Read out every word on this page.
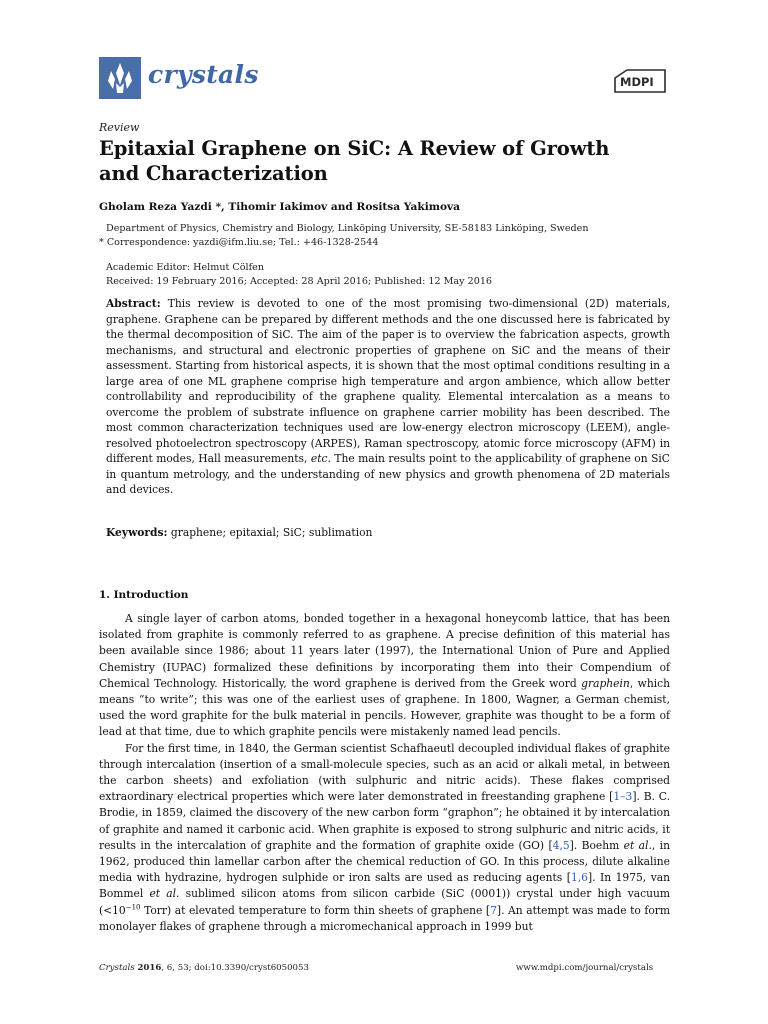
crystals	MDPI
Review
Epitaxial Graphene on SiC: A Review of Growth
and Characterization
Gholam Reza Yazdi *, Tihomir Iakimov and Rositsa Yakimova
Department of Physics, Chemistry and Biology, Linköping University, SE-58183 Linköping, Sweden
* Correspondence: yazdi@ifm.liu.se; Tel.: +46-1328-2544
Academic Editor: Helmut Cölfen
Received: 19 February 2016; Accepted: 28 April 2016; Published: 12 May 2016
Abstract: This review is devoted to one of the most promising two-dimensional (2D) materials, graphene. Graphene can be prepared by different methods and the one discussed here is fabricated by the thermal decomposition of SiC. The aim of the paper is to overview the fabrication aspects, growth mechanisms, and structural and electronic properties of graphene on SiC and the means of their assessment. Starting from historical aspects, it is shown that the most optimal conditions resulting in a large area of one ML graphene comprise high temperature and argon ambience, which allow better controllability and reproducibility of the graphene quality. Elemental intercalation as a means to overcome the problem of substrate influence on graphene carrier mobility has been described. The most common characterization techniques used are low-energy electron microscopy (LEEM), angle-resolved photoelectron spectroscopy (ARPES), Raman spectroscopy, atomic force microscopy (AFM) in different modes, Hall measurements, etc. The main results point to the applicability of graphene on SiC in quantum metrology, and the understanding of new physics and growth phenomena of 2D materials and devices.
Keywords: graphene; epitaxial; SiC; sublimation
1. Introduction

A single layer of carbon atoms, bonded together in a hexagonal honeycomb lattice, that has been isolated from graphite is commonly referred to as graphene. A precise definition of this material has been available since 1986; about 11 years later (1997), the International Union of Pure and Applied Chemistry (IUPAC) formalized these definitions by incorporating them into their Compendium of Chemical Technology. Historically, the word graphene is derived from the Greek word graphein, which means “to write”; this was one of the earliest uses of graphene. In 1800, Wagner, a German chemist, used the word graphite for the bulk material in pencils. However, graphite was thought to be a form of lead at that time, due to which graphite pencils were mistakenly named lead pencils.

For the first time, in 1840, the German scientist Schafhaeutl decoupled individual flakes of graphite through intercalation (insertion of a small-molecule species, such as an acid or alkali metal, in between the carbon sheets) and exfoliation (with sulphuric and nitric acids). These flakes comprised extraordinary electrical properties which were later demonstrated in freestanding graphene [1–3]. B. C. Brodie, in 1859, claimed the discovery of the new carbon form “graphon”; he obtained it by intercalation of graphite and named it carbonic acid. When graphite is exposed to strong sulphuric and nitric acids, it results in the intercalation of graphite and the formation of graphite oxide (GO) [4,5]. Boehm et al., in 1962, produced thin lamellar carbon after the chemical reduction of GO. In this process, dilute alkaline media with hydrazine, hydrogen sulphide or iron salts are used as reducing agents [1,6]. In 1975, van Bommel et al. sublimed silicon atoms from silicon carbide (SiC (0001)) crystal under high vacuum ($<10^{-10}$ Torr) at elevated temperature to form thin sheets of graphene [7]. An attempt was made to form monolayer flakes of graphene through a micromechanical approach in 1999 but

Crystals 2016, 6, 53; doi:10.3390/cryst6050053	www.mdpi.com/journal/crystals
